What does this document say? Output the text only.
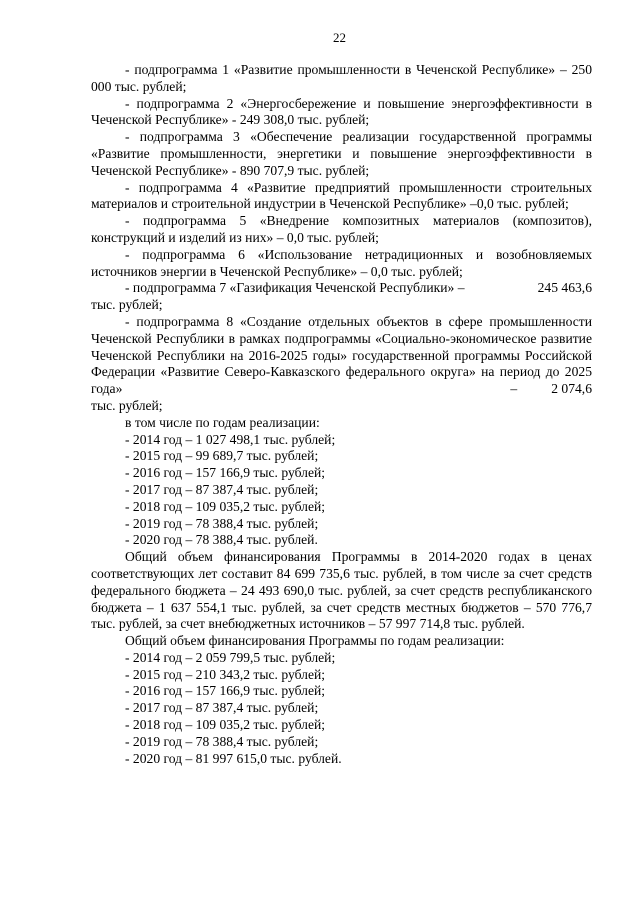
22

- подпрограмма 1 «Развитие промышленности в Чеченской Республике» – 250 000 тыс. рублей;

- подпрограмма 2 «Энергосбережение и повышение энергоэффективности в Чеченской Республике» - 249 308,0 тыс. рублей;

- подпрограмма 3 «Обеспечение реализации государственной программы «Развитие промышленности, энергетики и повышение энергоэффективности в Чеченской Республике» - 890 707,9 тыс. рублей;

- подпрограмма 4 «Развитие предприятий промышленности строительных материалов и строительной индустрии в Чеченской Республике» –0,0 тыс. рублей;

- подпрограмма 5 «Внедрение композитных материалов (композитов), конструкций и изделий из них» – 0,0 тыс. рублей;

- подпрограмма 6 «Использование нетрадиционных и возобновляемых источников энергии в Чеченской Республике» – 0,0 тыс. рублей;

- подпрограмма 7 «Газификация Чеченской Республики» –	245 463,6

тыс. рублей;

- подпрограмма 8 «Создание отдельных объектов в сфере промышленности Чеченской Республики в рамках подпрограммы «Социально-экономическое развитие Чеченской Республики на 2016-2025 годы» государственной программы Российской Федерации «Развитие Северо-Кавказского федерального округа» на период до 2025 года» –	2 074,6

тыс. рублей;

в том числе по годам реализации:

- 2014 год – 1 027 498,1 тыс. рублей;

- 2015 год – 99 689,7 тыс. рублей;

- 2016 год – 157 166,9 тыс. рублей;

- 2017 год – 87 387,4 тыс. рублей;

- 2018 год – 109 035,2 тыс. рублей;

- 2019 год – 78 388,4 тыс. рублей;

- 2020 год – 78 388,4 тыс. рублей.

Общий объем финансирования Программы в 2014-2020 годах в ценах соответствующих лет составит 84 699 735,6 тыс. рублей, в том числе за счет средств федерального бюджета – 24 493 690,0 тыс. рублей, за счет средств республиканского бюджета – 1 637 554,1 тыс. рублей, за счет средств местных бюджетов – 570 776,7 тыс. рублей, за счет внебюджетных источников – 57 997 714,8 тыс. рублей.

Общий объем финансирования Программы по годам реализации:

- 2014 год – 2 059 799,5 тыс. рублей;

- 2015 год – 210 343,2 тыс. рублей;

- 2016 год – 157 166,9 тыс. рублей;

- 2017 год – 87 387,4 тыс. рублей;

- 2018 год – 109 035,2 тыс. рублей;

- 2019 год – 78 388,4 тыс. рублей;

- 2020 год – 81 997 615,0 тыс. рублей.
